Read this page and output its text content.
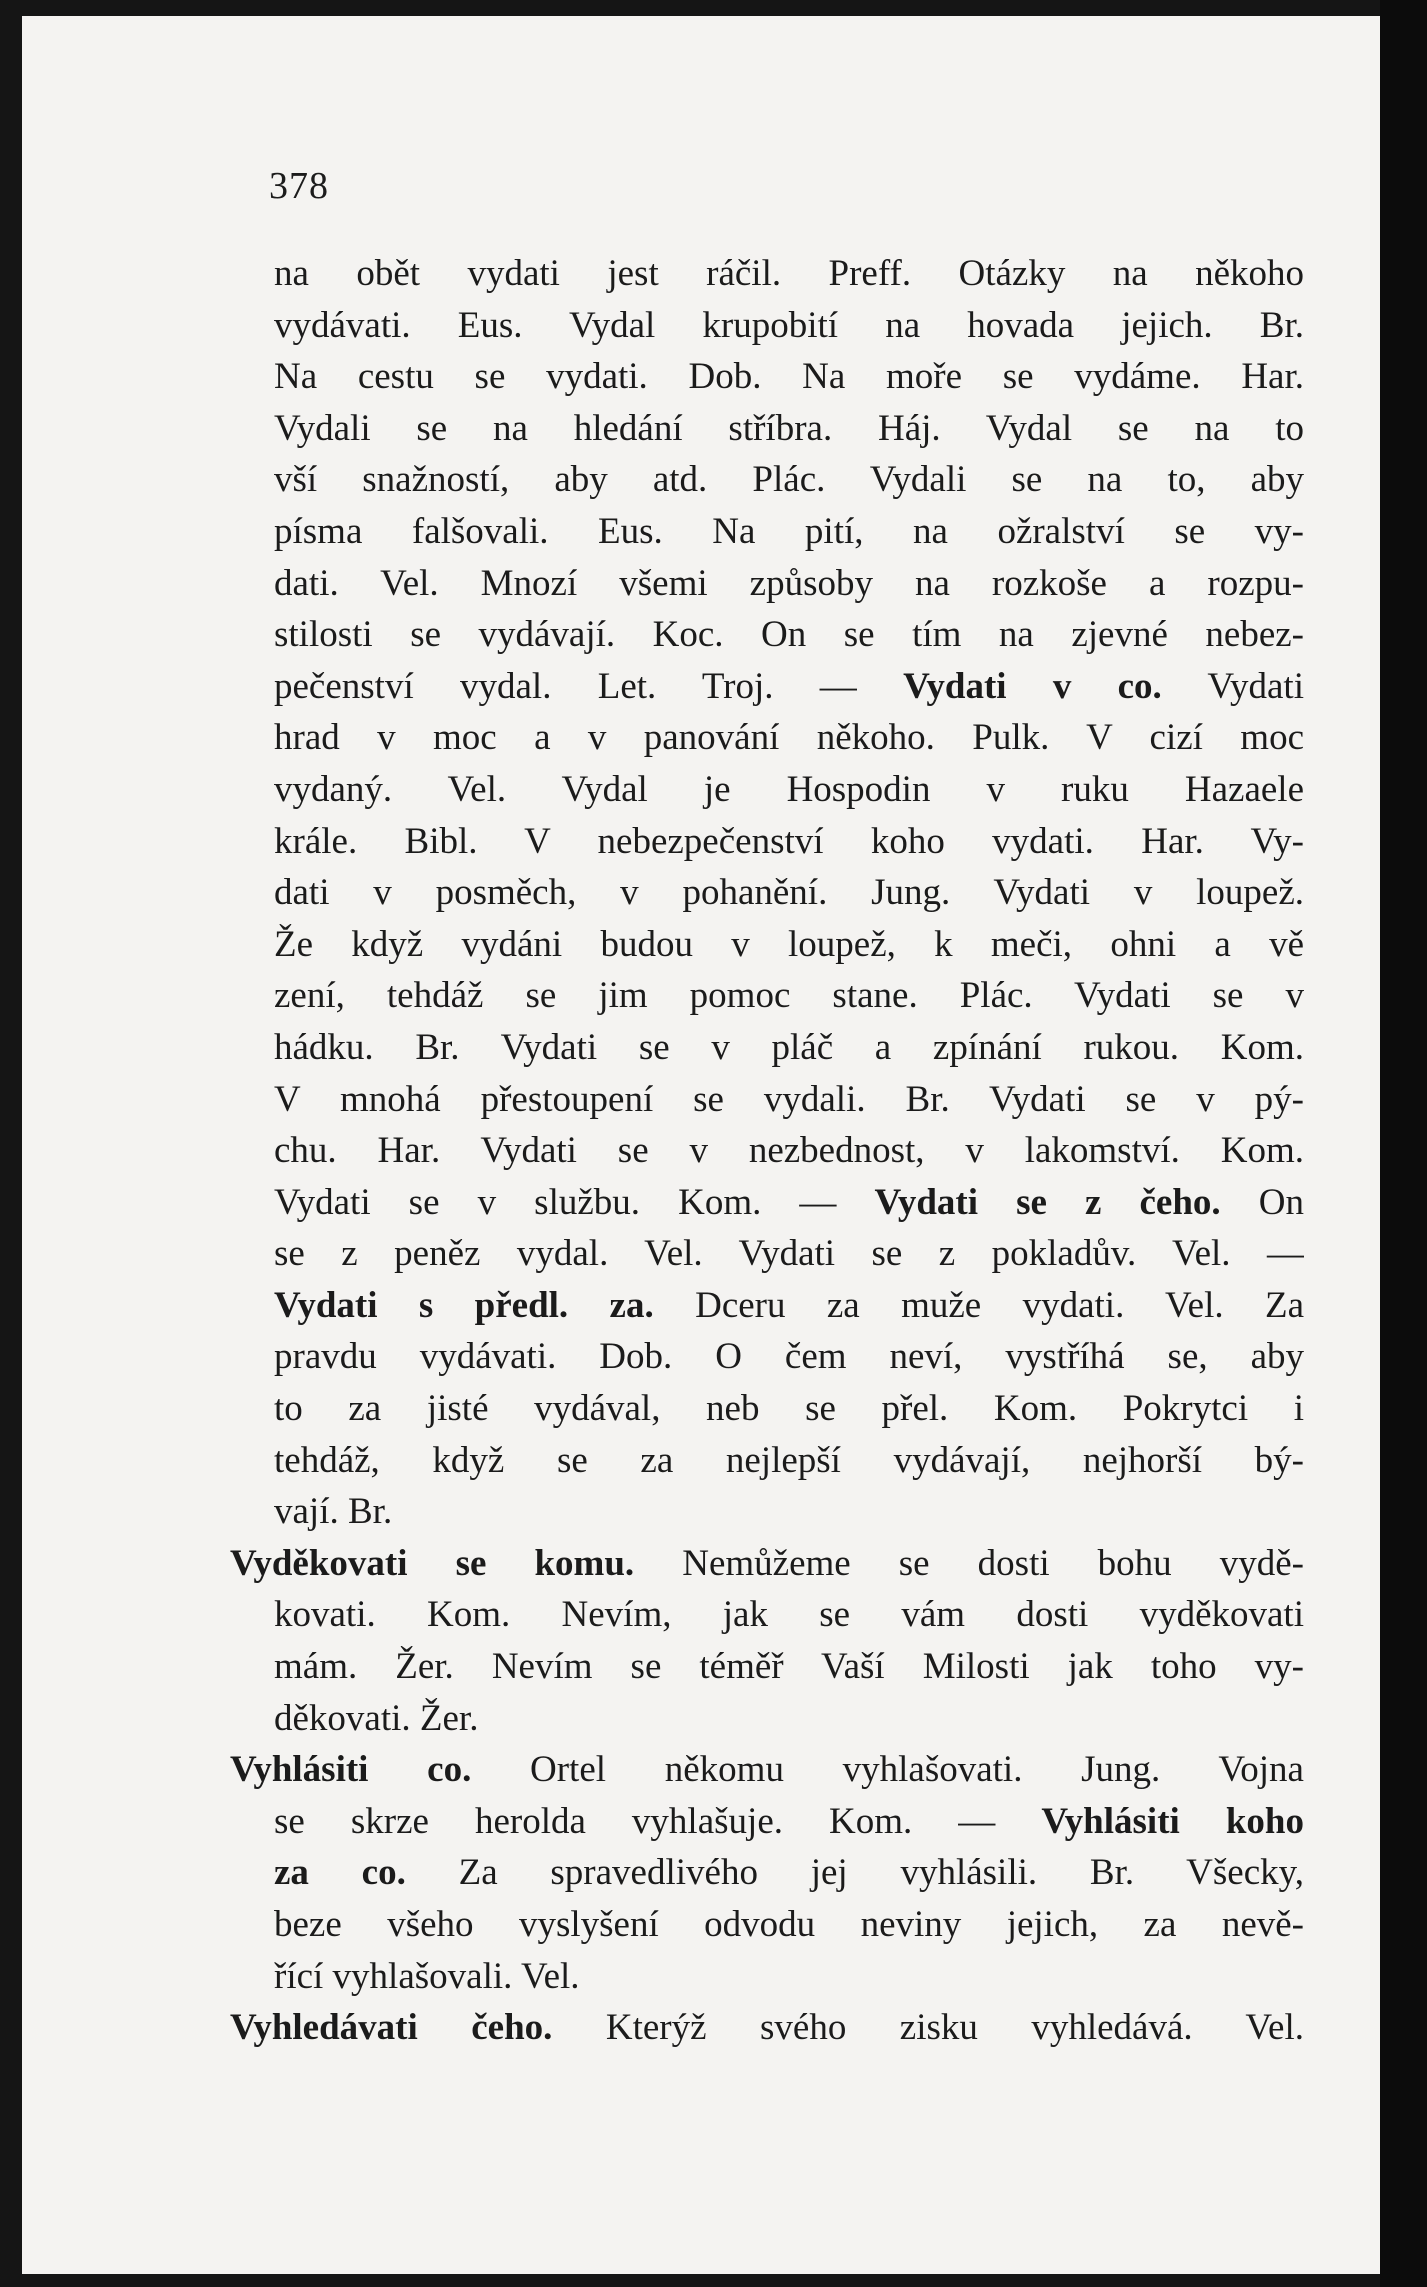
378
na obět vydati jest ráčil. Preff. Otázky na někoho
vydávati. Eus. Vydal krupobití na hovada jejich. Br.
Na cestu se vydati. Dob. Na moře se vydáme. Har.
Vydali se na hledání stříbra. Háj. Vydal se na to
vší snažností, aby atd. Plác. Vydali se na to, aby
písma falšovali. Eus. Na pití, na ožralství se vy-
dati. Vel. Mnozí všemi způsoby na rozkoše a rozpu-
stilosti se vydávají. Koc. On se tím na zjevné nebez-
pečenství vydal. Let. Troj. — Vydati v co. Vydati
hrad v moc a v panování někoho. Pulk. V cizí moc
vydaný. Vel. Vydal je Hospodin v ruku Hazaele
krále. Bibl. V nebezpečenství koho vydati. Har. Vy-
dati v posměch, v pohanění. Jung. Vydati v loupež.
Že když vydáni budou v loupež, k meči, ohni a vě
zení, tehdáž se jim pomoc stane. Plác. Vydati se v
hádku. Br. Vydati se v pláč a zpínání rukou. Kom.
V mnohá přestoupení se vydali. Br. Vydati se v pý-
chu. Har. Vydati se v nezbednost, v lakomství. Kom.
Vydati se v službu. Kom. — Vydati se z čeho. On
se z peněz vydal. Vel. Vydati se z pokladův. Vel. —
Vydati s předl. za. Dceru za muže vydati. Vel. Za
pravdu vydávati. Dob. O čem neví, vystříhá se, aby
to za jisté vydával, neb se přel. Kom. Pokrytci i
tehdáž, když se za nejlepší vydávají, nejhorší bý-
vají. Br.
Vyděkovati se komu. Nemůžeme se dosti bohu vydě-
kovati. Kom. Nevím, jak se vám dosti vyděkovati
mám. Žer. Nevím se téměř Vaší Milosti jak toho vy-
děkovati. Žer.
Vyhlásiti co. Ortel někomu vyhlašovati. Jung. Vojna
se skrze herolda vyhlašuje. Kom. — Vyhlásiti koho
za co. Za spravedlivého jej vyhlásili. Br. Všecky,
beze všeho vyslyšení odvodu neviny jejich, za nevě-
řící vyhlašovali. Vel.
Vyhledávati čeho. Kterýž svého zisku vyhledává. Vel.
